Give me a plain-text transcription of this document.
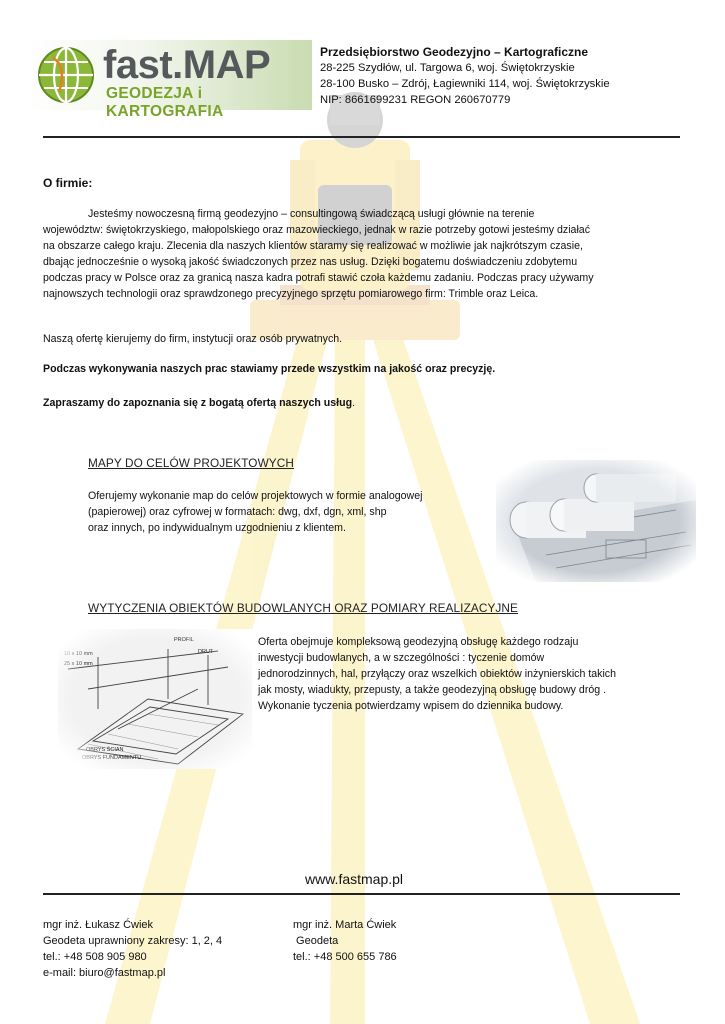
fast.MAP
GEODEZJA i KARTOGRAFIA
Przedsiębiorstwo Geodezyjno – Kartograficzne
28-225 Szydłów, ul. Targowa 6, woj. Świętokrzyskie
28-100 Busko – Zdrój, Łagiewniki 114, woj. Świętokrzyskie
NIP: 8661699231 REGON 260670779
O firmie:

Jesteśmy nowoczesną firmą geodezyjno – consultingową świadczącą usługi głównie na terenie

województw: świętokrzyskiego, małopolskiego oraz mazowieckiego, jednak w razie potrzeby gotowi jesteśmy działać

na obszarze całego kraju. Zlecenia dla naszych klientów staramy się realizować w możliwie jak najkrótszym czasie,

dbając jednocześnie o wysoką jakość świadczonych przez nas usług. Dzięki bogatemu doświadczeniu zdobytemu

podczas pracy w Polsce oraz za granicą nasza kadra potrafi stawić czoła każdemu zadaniu. Podczas pracy używamy

najnowszych technologii oraz sprawdzonego precyzyjnego sprzętu pomiarowego firm: Trimble oraz Leica.

Naszą ofertę kierujemy do firm, instytucji oraz osób prywatnych.
Podczas wykonywania naszych prac stawiamy przede wszystkim na jakość oraz precyzję.
Zapraszamy do zapoznania się z bogatą ofertą naszych usług.
MAPY DO CELÓW PROJEKTOWYCH
Oferujemy wykonanie map do celów projektowych w formie analogowej
(papierowej) oraz cyfrowej w formatach: dwg, dxf, dgn, xml, shp
oraz innych, po indywidualnym uzgodnieniu z klientem.
WYTYCZENIA OBIEKTÓW BUDOWLANYCH ORAZ POMIARY REALIZACYJNE
Oferta obejmuje kompleksową geodezyjną obsługę każdego rodzaju
inwestycji budowlanych, a w szczególności : tyczenie domów
jednorodzinnych, hal, przyłączy oraz wszelkich obiektów inżynierskich takich
jak mosty, wiadukty, przepusty, a także geodezyjną obsługę budowy dróg .
Wykonanie tyczenia potwierdzamy wpisem do dziennika budowy.
www.fastmap.pl
mgr inż. Łukasz Ćwiek
Geodeta uprawniony zakresy: 1, 2, 4
tel.: +48 508 905 980
e-mail: biuro@fastmap.pl
mgr inż. Marta Ćwiek
Geodeta
tel.: +48 500 655 786
